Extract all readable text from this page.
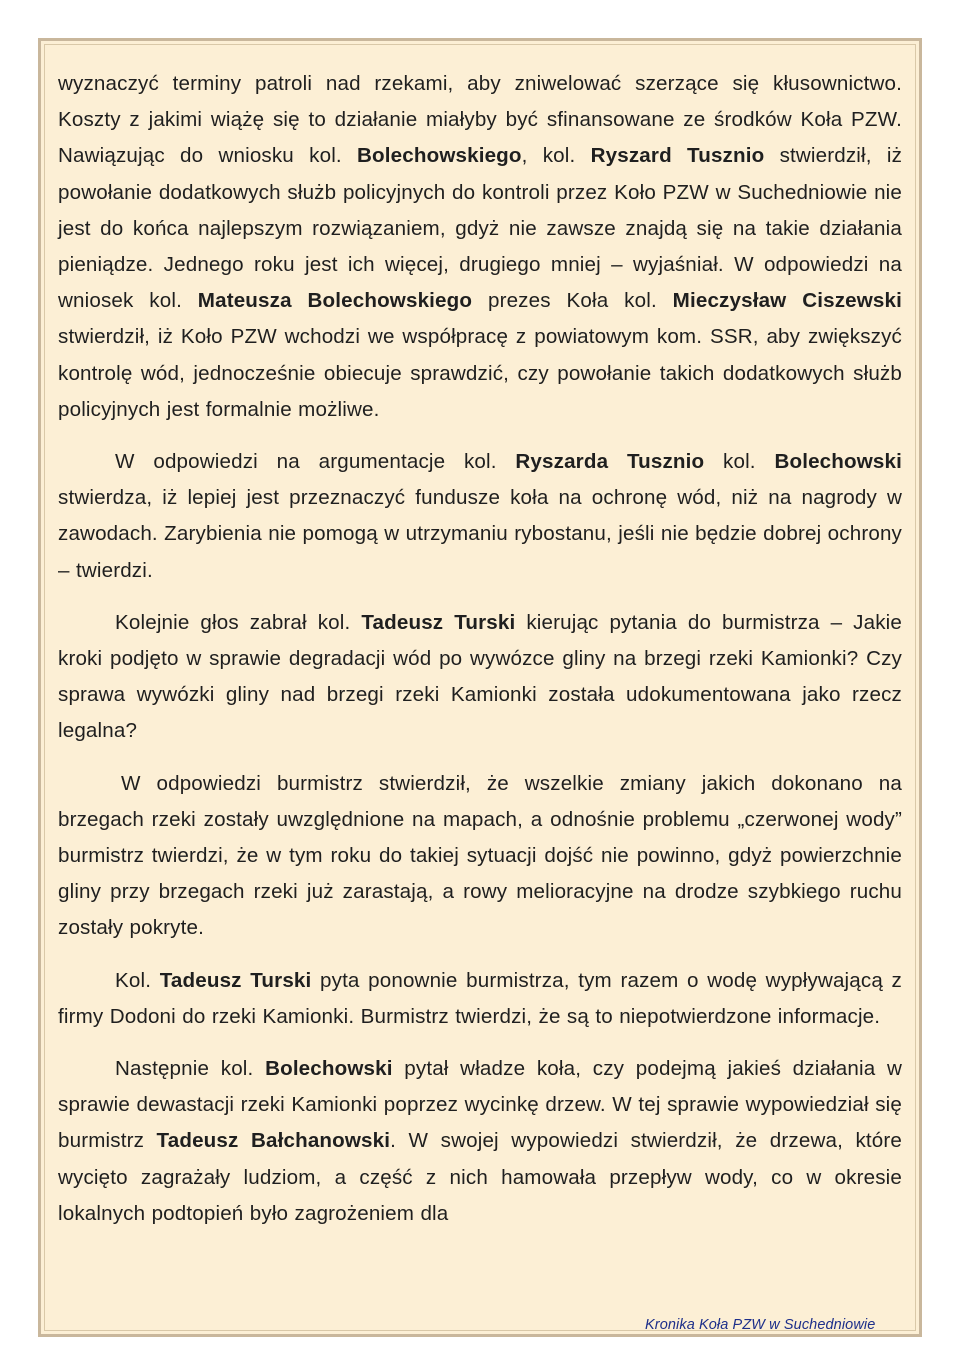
wyznaczyć terminy patroli nad rzekami, aby zniwelować szerzące się kłusownictwo. Koszty z jakimi wiążę się to działanie miałyby być sfinansowane ze środków Koła PZW. Nawiązując do wniosku kol. Bolechowskiego, kol. Ryszard Tusznio stwierdził, iż powołanie dodatkowych służb policyjnych do kontroli przez Koło PZW w Suchedniowie nie jest do końca najlepszym rozwiązaniem, gdyż nie zawsze znajdą się na takie działania pieniądze. Jednego roku jest ich więcej, drugiego mniej – wyjaśniał. W odpowiedzi na wniosek kol. Mateusza Bolechowskiego prezes Koła kol. Mieczysław Ciszewski stwierdził, iż Koło PZW wchodzi we współpracę z powiatowym kom. SSR, aby zwiększyć kontrolę wód, jednocześnie obiecuje sprawdzić, czy powołanie takich dodatkowych służb policyjnych jest formalnie możliwe.

W odpowiedzi na argumentacje kol. Ryszarda Tusznio kol. Bolechowski stwierdza, iż lepiej jest przeznaczyć fundusze koła na ochronę wód, niż na nagrody w zawodach. Zarybienia nie pomogą w utrzymaniu rybostanu, jeśli nie będzie dobrej ochrony – twierdzi.

Kolejnie głos zabrał kol. Tadeusz Turski kierując pytania do burmistrza – Jakie kroki podjęto w sprawie degradacji wód po wywózce gliny na brzegi rzeki Kamionki? Czy sprawa wywózki gliny nad brzegi rzeki Kamionki została udokumentowana jako rzecz legalna?

W odpowiedzi burmistrz stwierdził, że wszelkie zmiany jakich dokonano na brzegach rzeki zostały uwzględnione na mapach, a odnośnie problemu „czerwonej wody” burmistrz twierdzi, że w tym roku do takiej sytuacji dojść nie powinno, gdyż powierzchnie gliny przy brzegach rzeki już zarastają, a rowy melioracyjne na drodze szybkiego ruchu zostały pokryte.

Kol. Tadeusz Turski pyta ponownie burmistrza, tym razem o wodę wypływającą z firmy Dodoni do rzeki Kamionki. Burmistrz twierdzi, że są to niepotwierdzone informacje.

Następnie kol. Bolechowski pytał władze koła, czy podejmą jakieś działania w sprawie dewastacji rzeki Kamionki poprzez wycinkę drzew. W tej sprawie wypowiedział się burmistrz Tadeusz Bałchanowski. W swojej wypowiedzi stwierdził, że drzewa, które wycięto zagrażały ludziom, a część z nich hamowała przepływ wody, co w okresie lokalnych podtopień było zagrożeniem dla

Kronika Koła PZW w Suchedniowie
